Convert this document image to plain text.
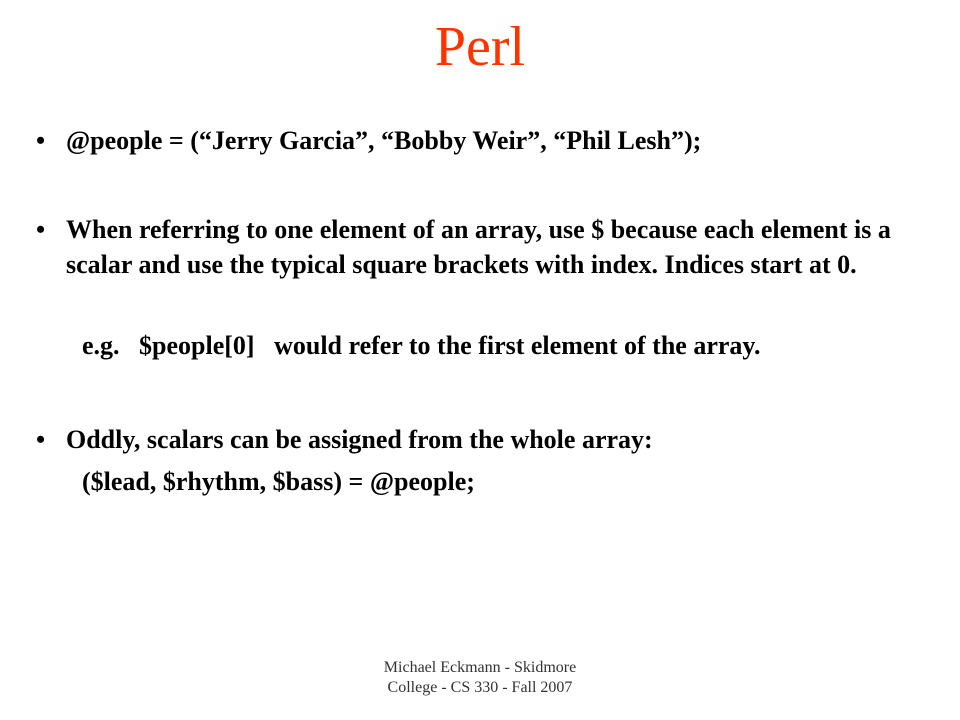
Perl
• @people = (“Jerry Garcia”, “Bobby Weir”, “Phil Lesh”);
• When referring to one element of an array, use $ because each element is a scalar and use the typical square brackets with index. Indices start at 0.
e.g.   $people[0]   would refer to the first element of the array.
• Oddly, scalars can be assigned from the whole array:
($lead, $rhythm, $bass) = @people;
Michael Eckmann - Skidmore
College - CS 330 - Fall 2007
